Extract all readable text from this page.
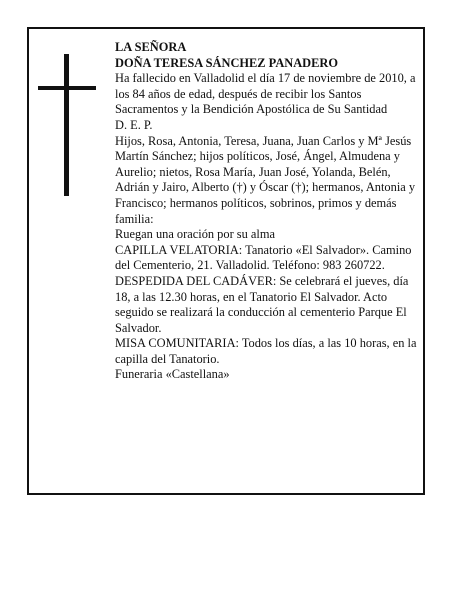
LA SEÑORA

DOÑA TERESA SÁNCHEZ PANADERO

Ha fallecido en Valladolid el día 17 de noviembre de 2010, a los 84 años de edad, después de recibir los Santos Sacramentos y la Bendición Apostólica de Su Santidad

D. E. P.

Hijos, Rosa, Antonia, Teresa, Juana, Juan Carlos y Mª Jesús Martín Sánchez; hijos políticos, José, Ángel, Almudena y Aurelio; nietos, Rosa María, Juan José, Yolanda, Belén, Adrián y Jairo, Alberto (†) y Óscar (†); hermanos, Antonia y Francisco; hermanos políticos, sobrinos, primos y demás familia:

Ruegan una oración por su alma

CAPILLA VELATORIA: Tanatorio «El Salvador». Camino del Cementerio, 21. Valladolid. Teléfono: 983 260722.

DESPEDIDA DEL CADÁVER: Se celebrará el jueves, día 18, a las 12.30 horas, en el Tanatorio El Salvador. Acto seguido se realizará la conducción al cementerio Parque El Salvador.

MISA COMUNITARIA: Todos los días, a las 10 horas, en la capilla del Tanatorio.

Funeraria «Castellana»
